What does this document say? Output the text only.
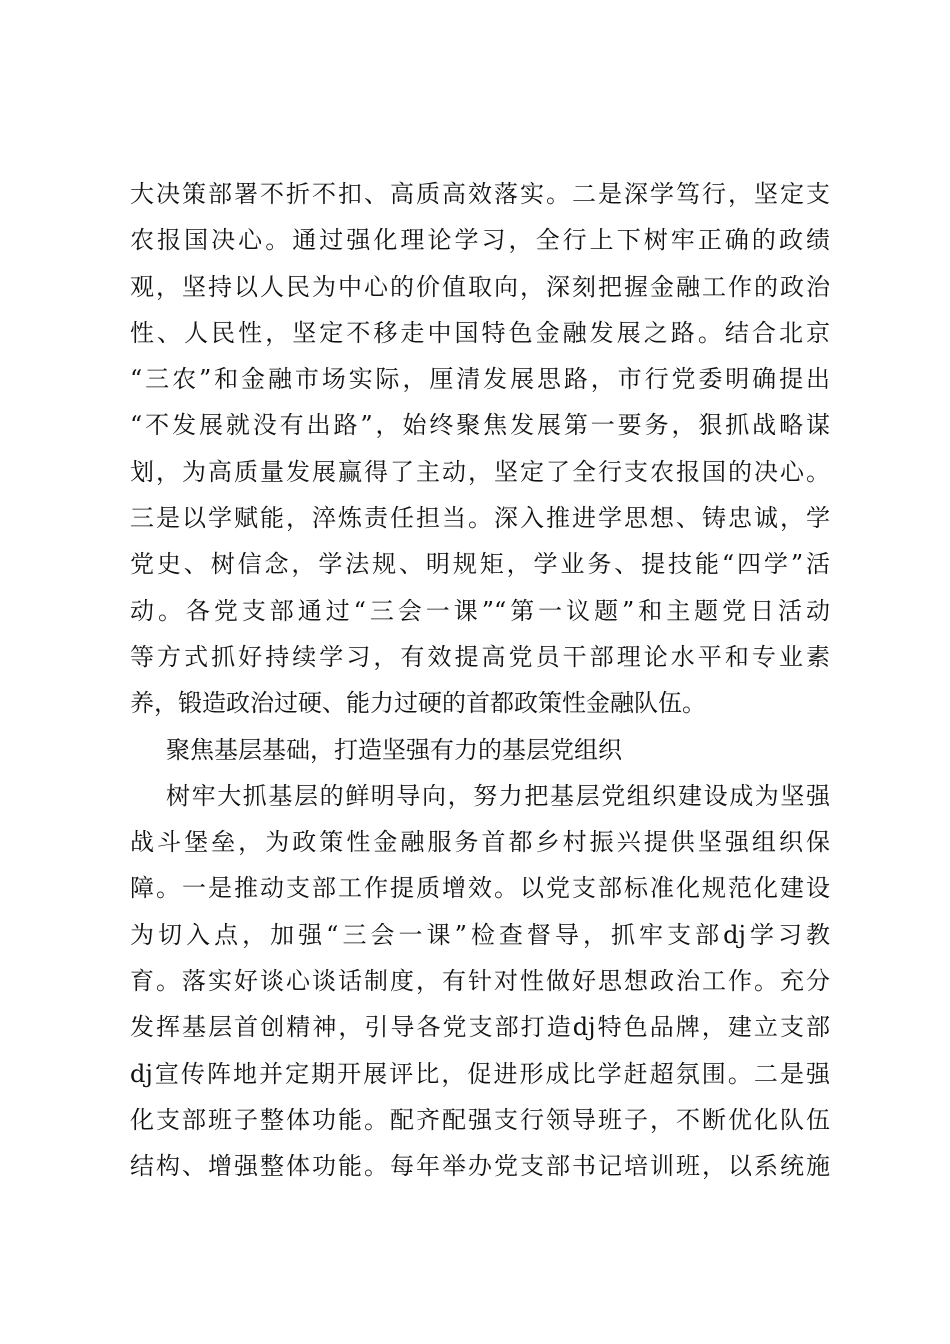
大决策部署不折不扣、高质高效落实。二是深学笃行，坚定支
农报国决心。通过强化理论学习，全行上下树牢正确的政绩
观，坚持以人民为中心的价值取向，深刻把握金融工作的政治
性、人民性，坚定不移走中国特色金融发展之路。结合北京
“三农”和金融市场实际，厘清发展思路，市行党委明确提出
“不发展就没有出路”，始终聚焦发展第一要务，狠抓战略谋
划，为高质量发展赢得了主动，坚定了全行支农报国的决心。
三是以学赋能，淬炼责任担当。深入推进学思想、铸忠诚，学
党史、树信念，学法规、明规矩，学业务、提技能“四学”活
动。各党支部通过“三会一课”“第一议题”和主题党日活动
等方式抓好持续学习，有效提高党员干部理论水平和专业素
养，锻造政治过硬、能力过硬的首都政策性金融队伍。
聚焦基层基础，打造坚强有力的基层党组织
树牢大抓基层的鲜明导向，努力把基层党组织建设成为坚强
战斗堡垒，为政策性金融服务首都乡村振兴提供坚强组织保
障。一是推动支部工作提质增效。以党支部标准化规范化建设
为切入点，加强“三会一课”检查督导，抓牢支部dj学习教
育。落实好谈心谈话制度，有针对性做好思想政治工作。充分
发挥基层首创精神，引导各党支部打造dj特色品牌，建立支部
dj宣传阵地并定期开展评比，促进形成比学赶超氛围。二是强
化支部班子整体功能。配齐配强支行领导班子，不断优化队伍
结构、增强整体功能。每年举办党支部书记培训班，以系统施
